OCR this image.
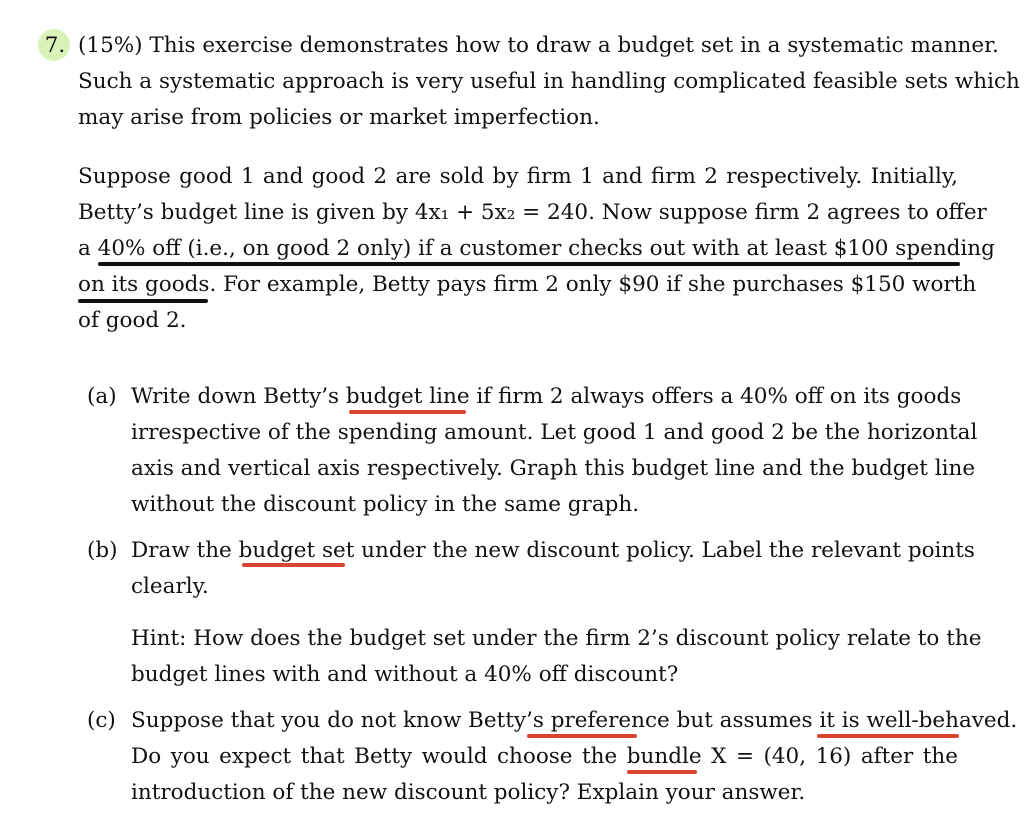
7. (15%) This exercise demonstrates how to draw a budget set in a systematic manner.
Such a systematic approach is very useful in handling complicated feasible sets which
may arise from policies or market imperfection.
Suppose good 1 and good 2 are sold by firm 1 and firm 2 respectively. Initially,
Betty’s budget line is given by 4x₁ + 5x₂ = 240. Now suppose firm 2 agrees to offer
a 40% off (i.e., on good 2 only) if a customer checks out with at least $100 spending
on its goods. For example, Betty pays firm 2 only $90 if she purchases $150 worth
of good 2.
(a) Write down Betty’s budget line if firm 2 always offers a 40% off on its goods
irrespective of the spending amount. Let good 1 and good 2 be the horizontal
axis and vertical axis respectively. Graph this budget line and the budget line
without the discount policy in the same graph.
(b) Draw the budget set under the new discount policy. Label the relevant points
clearly.
Hint: How does the budget set under the firm 2’s discount policy relate to the
budget lines with and without a 40% off discount?
(c) Suppose that you do not know Betty’s preference but assumes it is well-behaved.
Do you expect that Betty would choose the bundle X = (40, 16) after the
introduction of the new discount policy? Explain your answer.
